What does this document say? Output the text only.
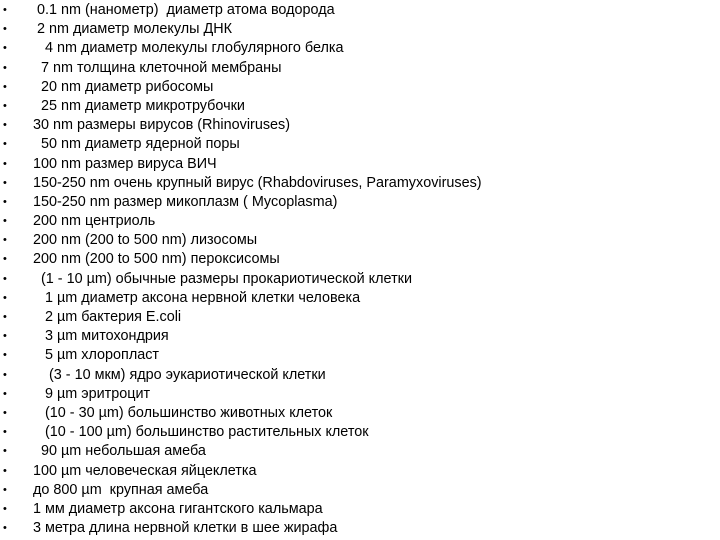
•	0.1 nm (нанометр)  диаметр атома водорода
•	2 nm диаметр молекулы ДНК
•	4 nm диаметр молекулы глобулярного белка
•	7 nm толщина клеточной мембраны
•	20 nm диаметр рибосомы
•	25 nm диаметр микротрубочки
•	30 nm размеры вирусов (Rhinoviruses)
•	50 nm диаметр ядерной поры
•	100 nm размер вируса ВИЧ
•	150-250 nm очень крупный вирус (Rhabdoviruses, Paramyxoviruses)
•	150-250 nm размер микоплазм ( Mycoplasma)
•	200 nm центриоль
•	200 nm (200 to 500 nm) лизосомы
•	200 nm (200 to 500 nm) пероксисомы
•	(1 - 10 µm) обычные размеры прокариотической клетки
•	1 µm диаметр аксона нервной клетки человека
•	2 µm бактерия E.coli
•	3 µm митохондрия
•	5 µm хлоропласт
•	(3 - 10 мкм) ядро эукариотической клетки
•	9 µm эритроцит
•	(10 - 30 µm) большинство животных клеток
•	(10 - 100 µm) большинство растительных клеток
•	90 µm небольшая амеба
•	100 µm человеческая яйцеклетка
•	до 800 µm  крупная амеба
•	1 мм диаметр аксона гигантского кальмара
•	3 метра длина нервной клетки в шее жирафа
